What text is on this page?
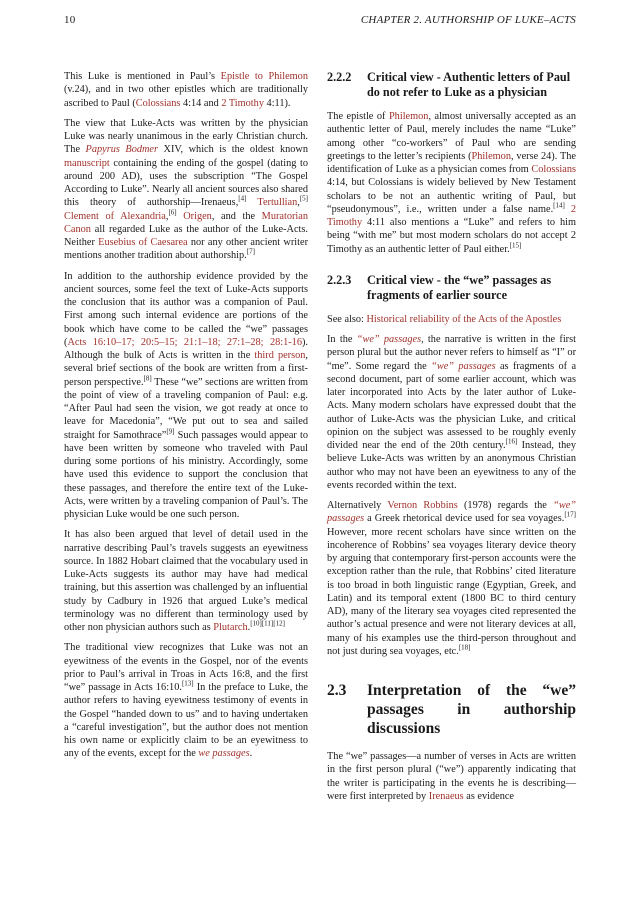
10	CHAPTER 2. AUTHORSHIP OF LUKE–ACTS

This Luke is mentioned in Paul’s Epistle to Philemon (v.24), and in two other epistles which are traditionally ascribed to Paul (Colossians 4:14 and 2 Timothy 4:11).

The view that Luke-Acts was written by the physician Luke was nearly unanimous in the early Christian church. The Papyrus Bodmer XIV, which is the oldest known manuscript containing the ending of the gospel (dating to around 200 AD), uses the subscription “The Gospel According to Luke”. Nearly all ancient sources also shared this theory of authorship—Irenaeus,[4] Tertullian,[5] Clement of Alexandria,[6] Origen, and the Muratorian Canon all regarded Luke as the author of the Luke-Acts. Neither Eusebius of Caesarea nor any other ancient writer mentions another tradition about authorship.[7]

In addition to the authorship evidence provided by the ancient sources, some feel the text of Luke-Acts supports the conclusion that its author was a companion of Paul. First among such internal evidence are portions of the book which have come to be called the “we” passages (Acts 16:10–17; 20:5–15; 21:1–18; 27:1–28; 28:1-16). Although the bulk of Acts is written in the third person, several brief sections of the book are written from a first-person perspective.[8] These “we” sections are written from the point of view of a traveling companion of Paul: e.g. “After Paul had seen the vision, we got ready at once to leave for Macedonia”, “We put out to sea and sailed straight for Samothrace”[9] Such passages would appear to have been written by someone who traveled with Paul during some portions of his ministry. Accordingly, some have used this evidence to support the conclusion that these passages, and therefore the entire text of the Luke-Acts, were written by a traveling companion of Paul’s. The physician Luke would be one such person.

It has also been argued that level of detail used in the narrative describing Paul’s travels suggests an eyewitness source. In 1882 Hobart claimed that the vocabulary used in Luke-Acts suggests its author may have had medical training, but this assertion was challenged by an influential study by Cadbury in 1926 that argued Luke’s medical terminology was no different than terminology used by other non physician authors such as Plutarch.[10][11][12]

The traditional view recognizes that Luke was not an eyewitness of the events in the Gospel, nor of the events prior to Paul’s arrival in Troas in Acts 16:8, and the first “we” passage in Acts 16:10.[13] In the preface to Luke, the author refers to having eyewitness testimony of events in the Gospel “handed down to us” and to having undertaken a “careful investigation”, but the author does not mention his own name or explicitly claim to be an eyewitness to any of the events, except for the we passages.

2.2.2	Critical view - Authentic letters of Paul do not refer to Luke as a physician

The epistle of Philemon, almost universally accepted as an authentic letter of Paul, merely includes the name “Luke” among other “co-workers” of Paul who are sending greetings to the letter’s recipients (Philemon, verse 24). The identification of Luke as a physician comes from Colossians 4:14, but Colossians is widely believed by New Testament scholars to be not an authentic writing of Paul, but “pseudonymous”, i.e., written under a false name.[14] 2 Timothy 4:11 also mentions a “Luke” and refers to him being “with me” but most modern scholars do not accept 2 Timothy as an authentic letter of Paul either.[15]

2.2.3	Critical view - the “we” passages as fragments of earlier source

See also: Historical reliability of the Acts of the Apostles

In the “we” passages, the narrative is written in the first person plural but the author never refers to himself as “I” or “me”. Some regard the “we” passages as fragments of a second document, part of some earlier account, which was later incorporated into Acts by the later author of Luke-Acts. Many modern scholars have expressed doubt that the author of Luke-Acts was the physician Luke, and critical opinion on the subject was assessed to be roughly evenly divided near the end of the 20th century.[16] Instead, they believe Luke-Acts was written by an anonymous Christian author who may not have been an eyewitness to any of the events recorded within the text.

Alternatively Vernon Robbins (1978) regards the “we” passages a Greek rhetorical device used for sea voyages.[17] However, more recent scholars have since written on the incoherence of Robbins’ sea voyages literary device theory by arguing that contemporary first-person accounts were the exception rather than the rule, that Robbins’ cited literature is too broad in both linguistic range (Egyptian, Greek, and Latin) and its temporal extent (1800 BC to third century AD), many of the literary sea voyages cited represented the author’s actual presence and were not literary devices at all, many of his examples use the third-person throughout and not just during sea voyages, etc.[18]

2.3	Interpretation of the “we” passages in authorship discussions

The “we” passages—a number of verses in Acts are written in the first person plural (“we”) apparently indicating that the writer is participating in the events he is describing—were first interpreted by Irenaeus as evidence
